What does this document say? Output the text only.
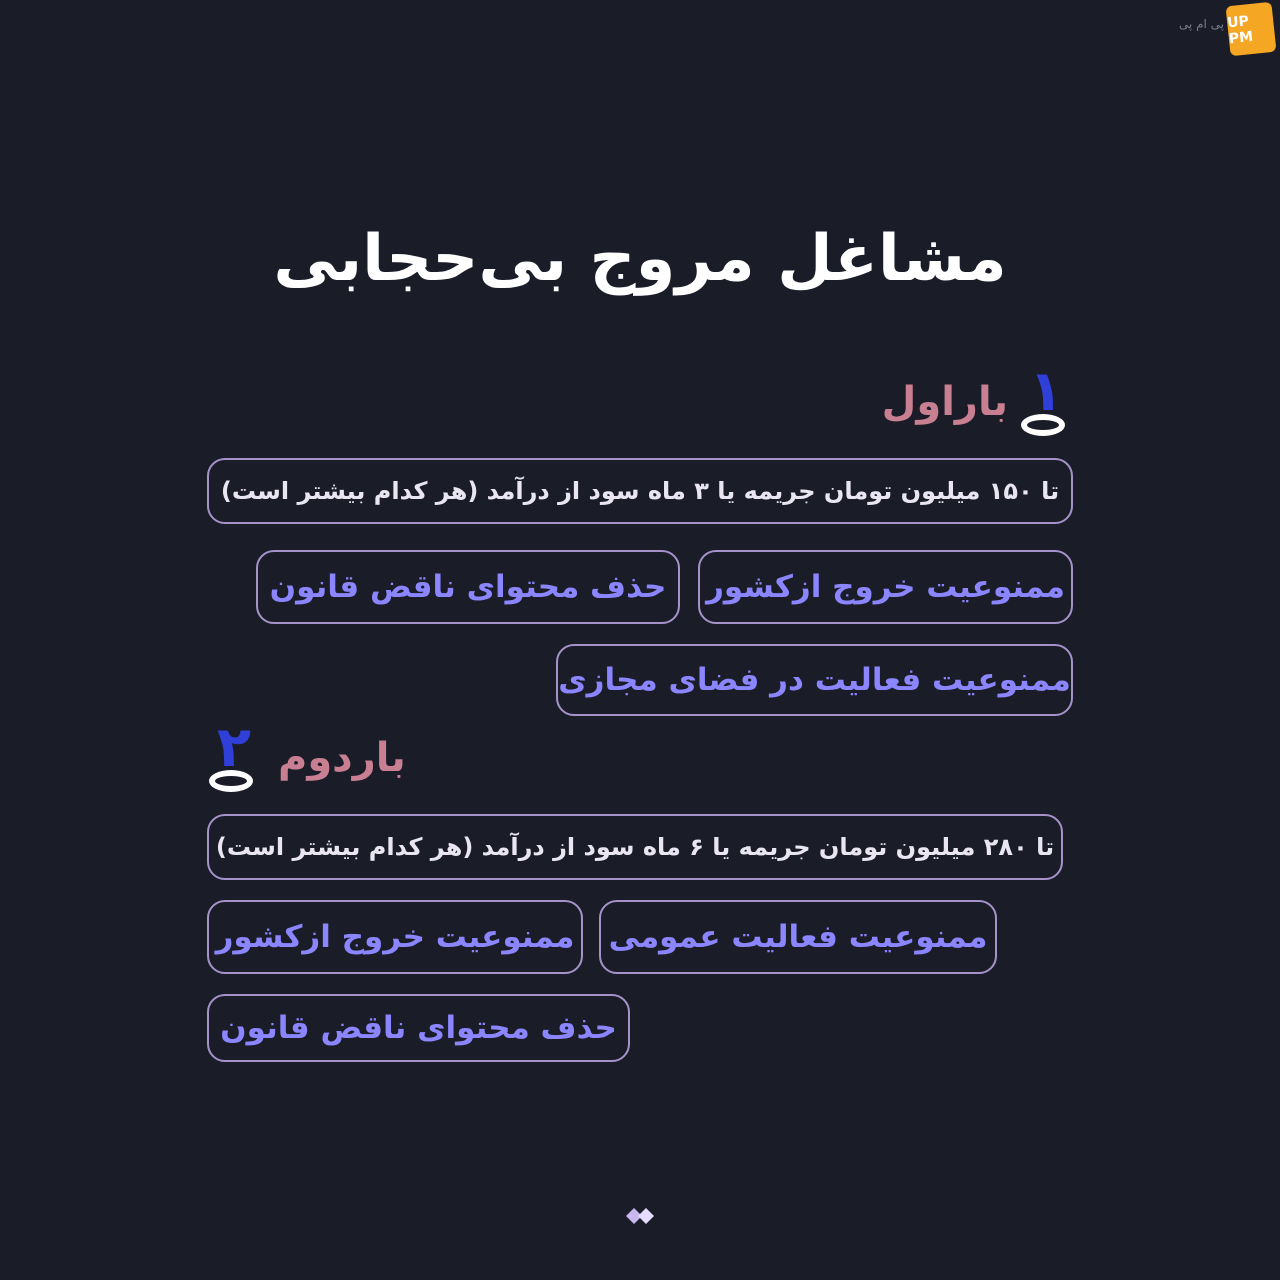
پی ام پی UP PM
مشاغل مروج بی‌حجابی
باراول ۱
تا ۱۵۰ میلیون تومان جریمه یا ۳ ماه سود از درآمد (هر کدام بیشتر است)
ممنوعیت خروج ازکشور
حذف محتوای ناقض قانون
ممنوعیت فعالیت در فضای مجازی
۲ باردوم
تا ۲۸۰ میلیون تومان جریمه یا ۶ ماه سود از درآمد (هر کدام بیشتر است)
ممنوعیت فعالیت عمومی
ممنوعیت خروج ازکشور
حذف محتوای ناقض قانون
